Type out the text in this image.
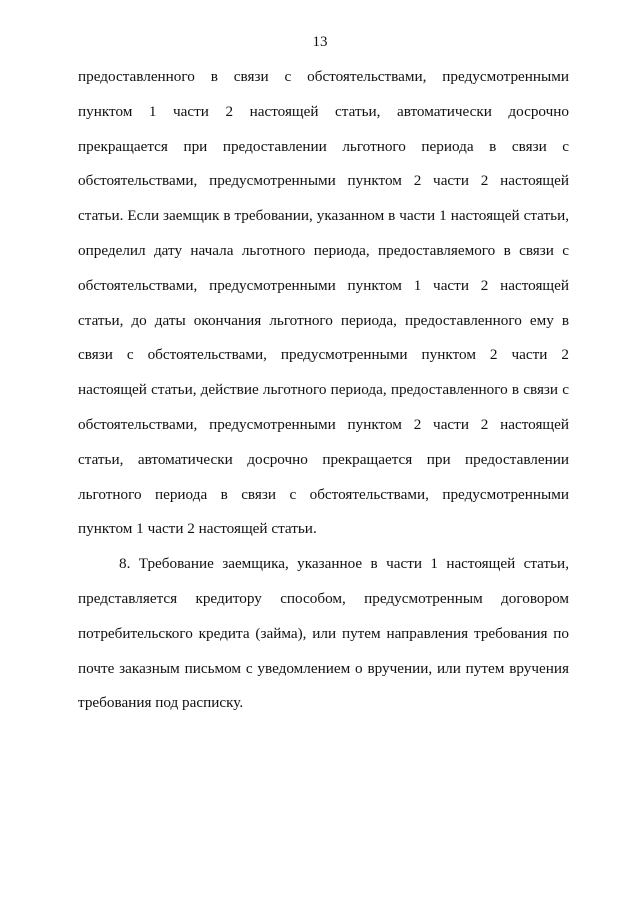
13
предоставленного в связи с обстоятельствами, предусмотренными
пунктом 1 части 2 настоящей статьи, автоматически досрочно
прекращается при предоставлении льготного периода в связи с
обстоятельствами, предусмотренными пунктом 2 части 2 настоящей
статьи. Если заемщик в требовании, указанном в части 1 настоящей статьи,
определил дату начала льготного периода, предоставляемого в связи с
обстоятельствами, предусмотренными пунктом 1 части 2 настоящей
статьи, до даты окончания льготного периода, предоставленного ему в
связи с обстоятельствами, предусмотренными пунктом 2 части 2
настоящей статьи, действие льготного периода, предоставленного в связи с
обстоятельствами, предусмотренными пунктом 2 части 2 настоящей
статьи, автоматически досрочно прекращается при предоставлении
льготного периода в связи с обстоятельствами, предусмотренными
пунктом 1 части 2 настоящей статьи.
8. Требование заемщика, указанное в части 1 настоящей статьи,
представляется кредитору способом, предусмотренным договором
потребительского кредита (займа), или путем направления требования по
почте заказным письмом с уведомлением о вручении, или путем вручения
требования под расписку.
